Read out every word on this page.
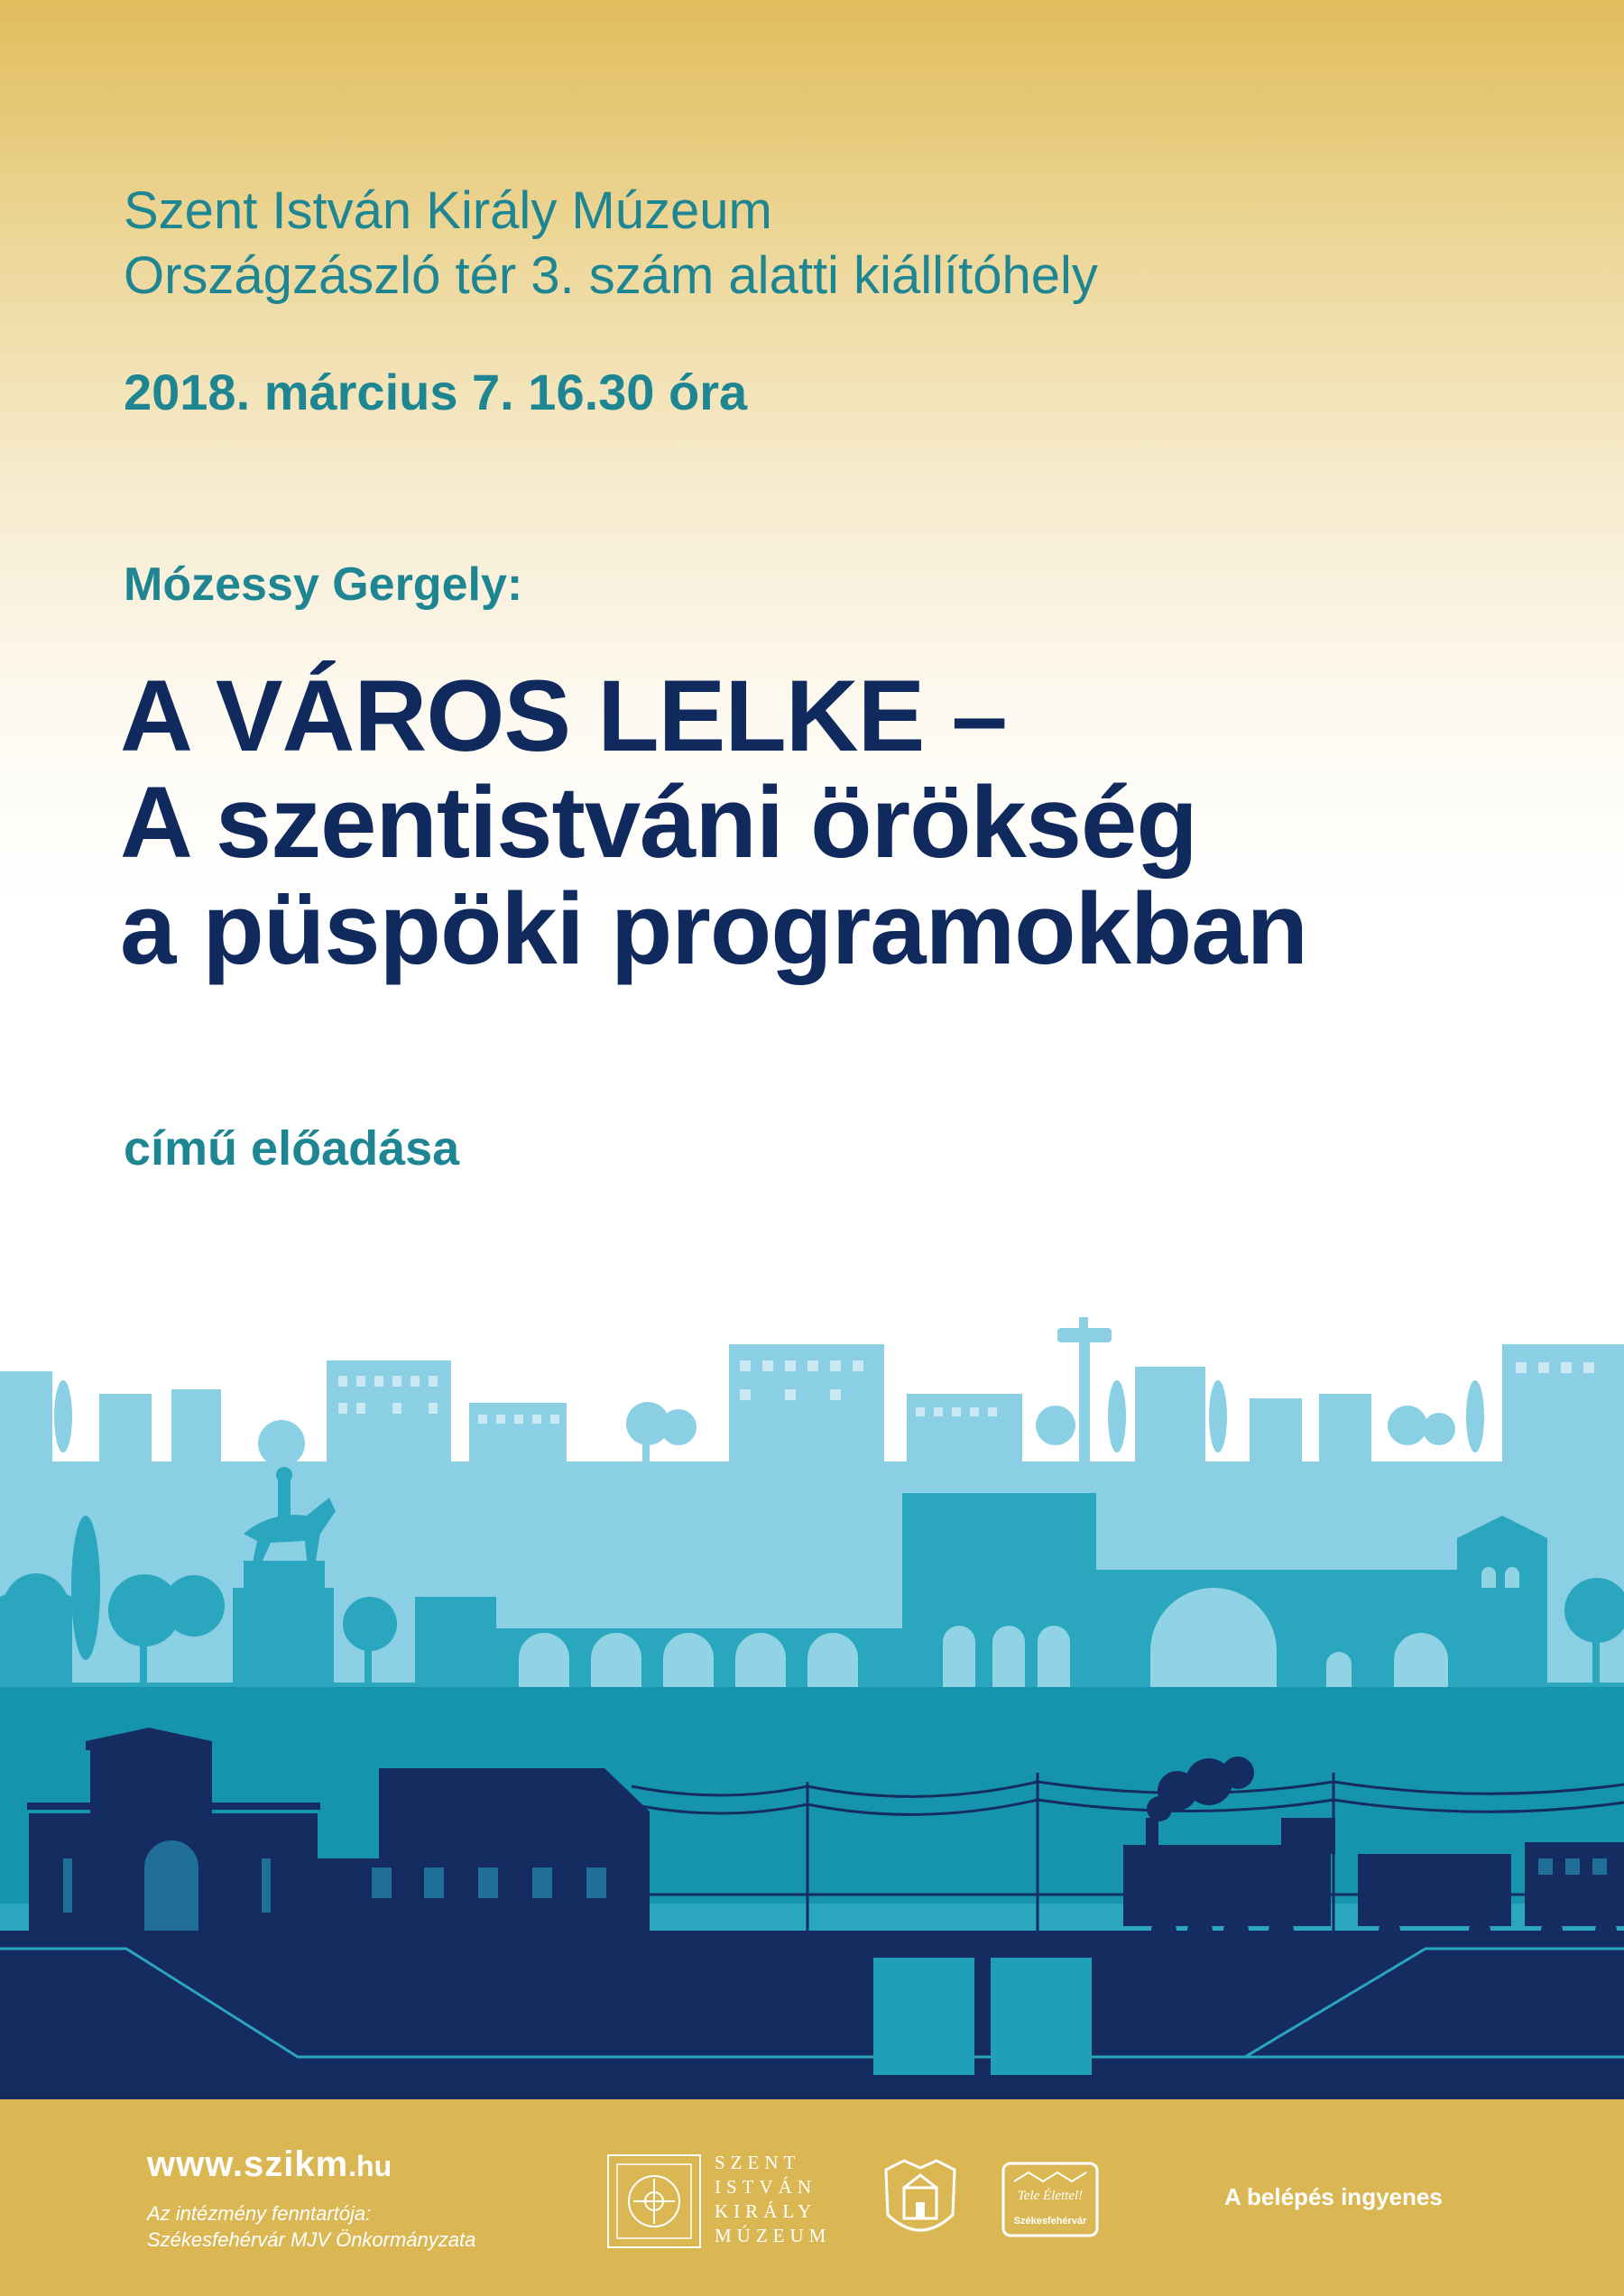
Szent István Király Múzeum
Országzászló tér 3. szám alatti kiállítóhely
2018. március 7. 16.30 óra
Mózessy Gergely:
A VÁROS LELKE –
A szentistváni örökség
a püspöki programokban
című előadása
www.szikm.hu
Az intézmény fenntartója:
Székesfehérvár MJV Önkormányzata
SZENT
ISTVÁN
KIRÁLY
MÚZEUM
Tele Élettel!
Székesfehérvár
A belépés ingyenes
